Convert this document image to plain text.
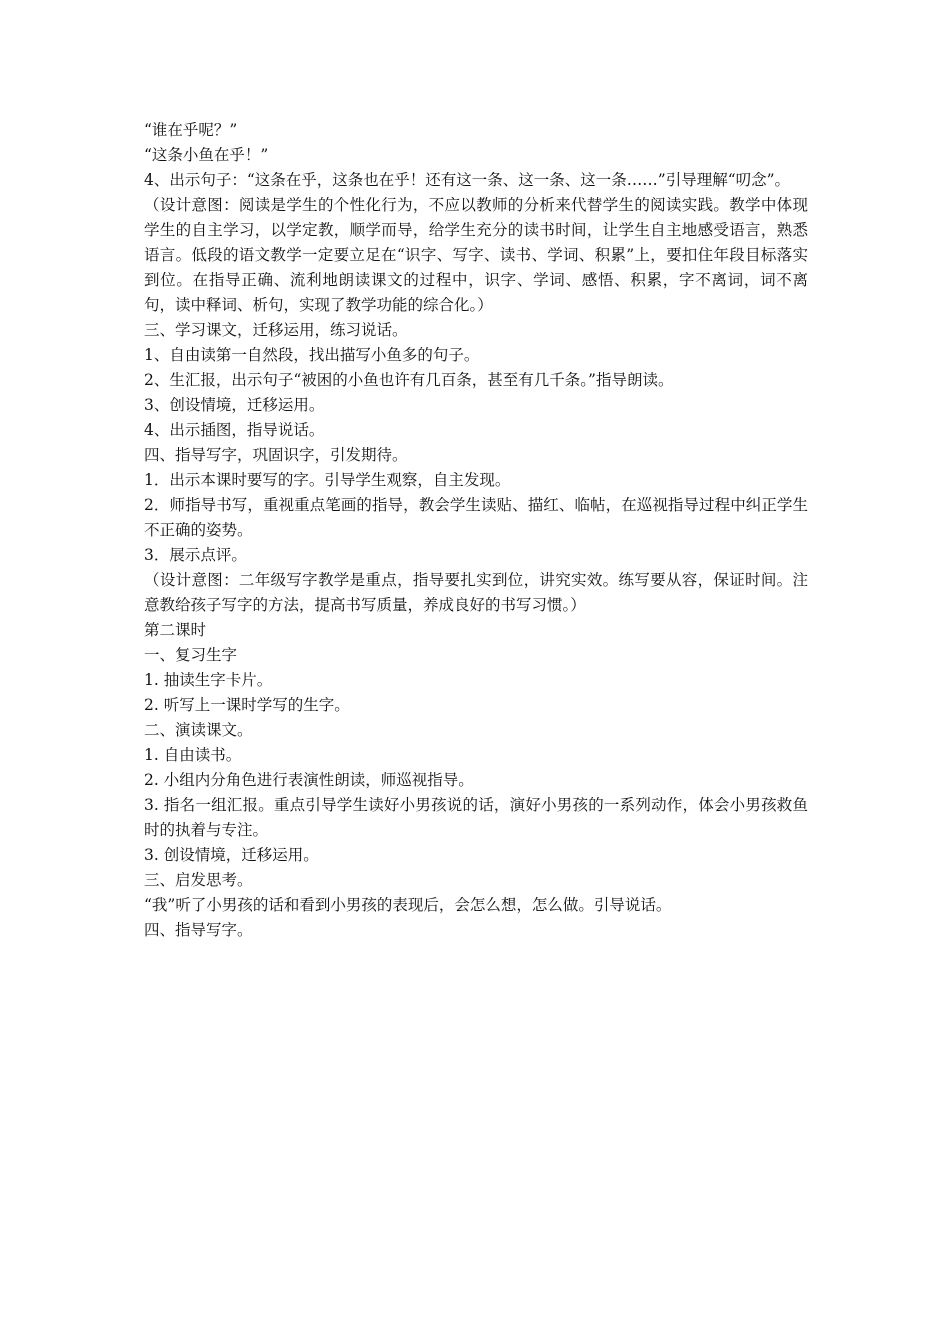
“谁在乎呢？”

“这条小鱼在乎！”

4、出示句子：“这条在乎，这条也在乎！还有这一条、这一条、这一条……”引导理解“叨念”。

（设计意图：阅读是学生的个性化行为，不应以教师的分析来代替学生的阅读实践。教学中体现学生的自主学习，以学定教，顺学而导，给学生充分的读书时间，让学生自主地感受语言，熟悉语言。低段的语文教学一定要立足在“识字、写字、读书、学词、积累”上，要扣住年段目标落实到位。在指导正确、流利地朗读课文的过程中，识字、学词、感悟、积累，字不离词，词不离句，读中释词、析句，实现了教学功能的综合化。）

三、学习课文，迁移运用，练习说话。

1、自由读第一自然段，找出描写小鱼多的句子。

2、生汇报，出示句子“被困的小鱼也许有几百条，甚至有几千条。”指导朗读。

3、创设情境，迁移运用。

4、出示插图，指导说话。

四、指导写字，巩固识字，引发期待。

1．出示本课时要写的字。引导学生观察，自主发现。

2．师指导书写，重视重点笔画的指导，教会学生读贴、描红、临帖，在巡视指导过程中纠正学生不正确的姿势。

3．展示点评。

（设计意图：二年级写字教学是重点，指导要扎实到位，讲究实效。练写要从容，保证时间。注意教给孩子写字的方法，提高书写质量，养成良好的书写习惯。）

第二课时

一、复习生字

1. 抽读生字卡片。

2. 听写上一课时学写的生字。

二、演读课文。

1. 自由读书。

2. 小组内分角色进行表演性朗读，师巡视指导。

3. 指名一组汇报。重点引导学生读好小男孩说的话，演好小男孩的一系列动作，体会小男孩救鱼时的执着与专注。

3. 创设情境，迁移运用。

三、启发思考。

“我”听了小男孩的话和看到小男孩的表现后，会怎么想，怎么做。引导说话。

四、指导写字。
